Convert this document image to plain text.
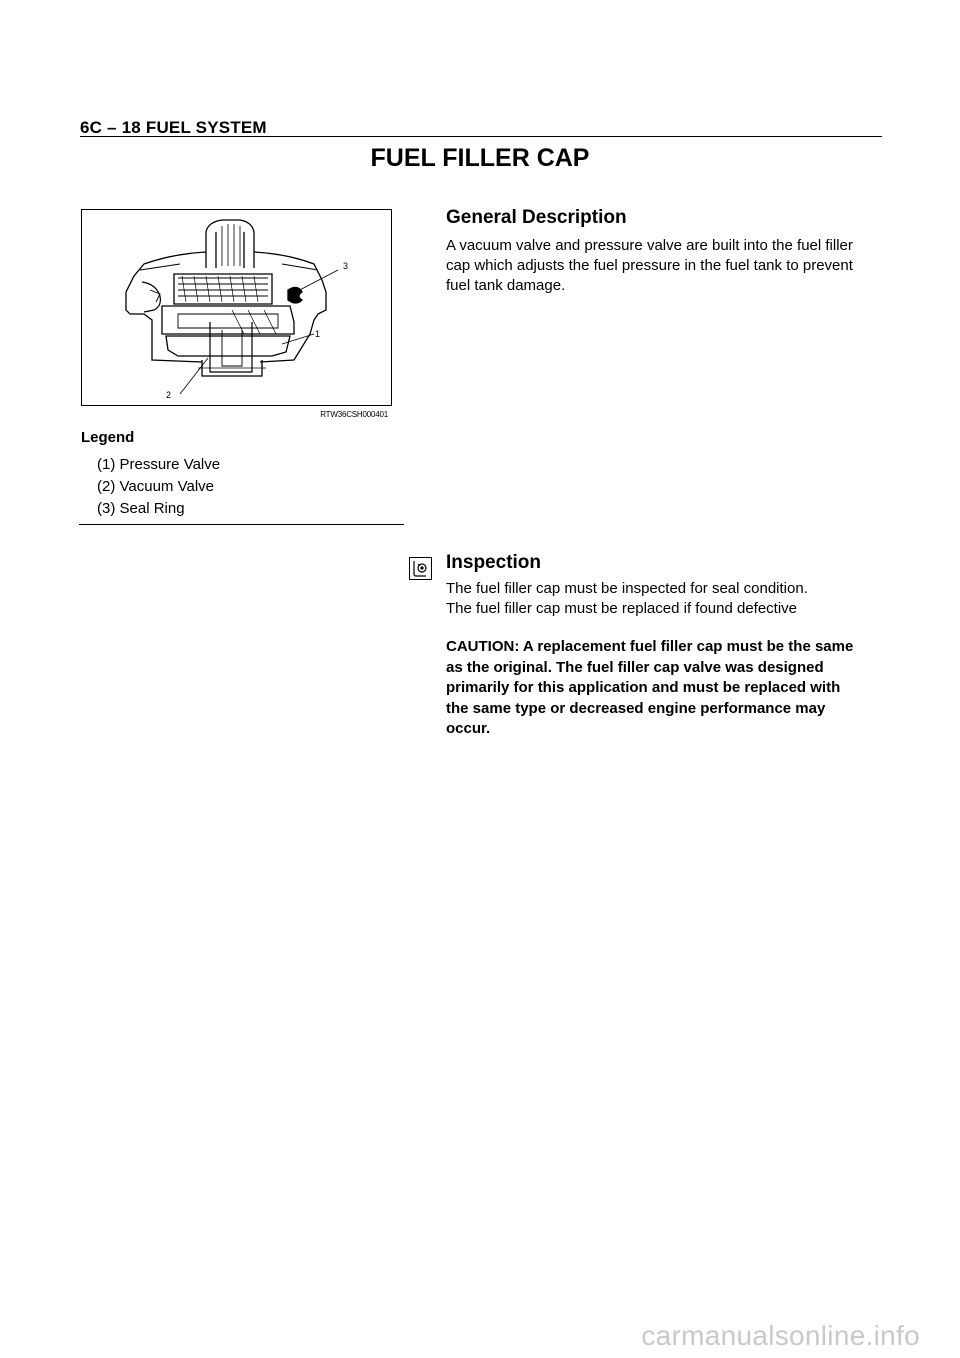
6C – 18 FUEL SYSTEM
FUEL FILLER CAP
RTW36CSH000401
3
1
2
Legend
(1) Pressure Valve
(2) Vacuum Valve
(3) Seal Ring
General Description
A vacuum valve and pressure valve are built into the fuel filler
cap which adjusts the fuel pressure in the fuel tank to prevent
fuel tank damage.
Inspection
The fuel filler cap must be inspected for seal condition.
The fuel filler cap must be replaced if found defective
CAUTION: A replacement fuel filler cap must be the same
as the original. The fuel filler cap valve was designed
primarily for this application and must be replaced with
the same type or decreased engine performance may
occur.
carmanualsonline.info
